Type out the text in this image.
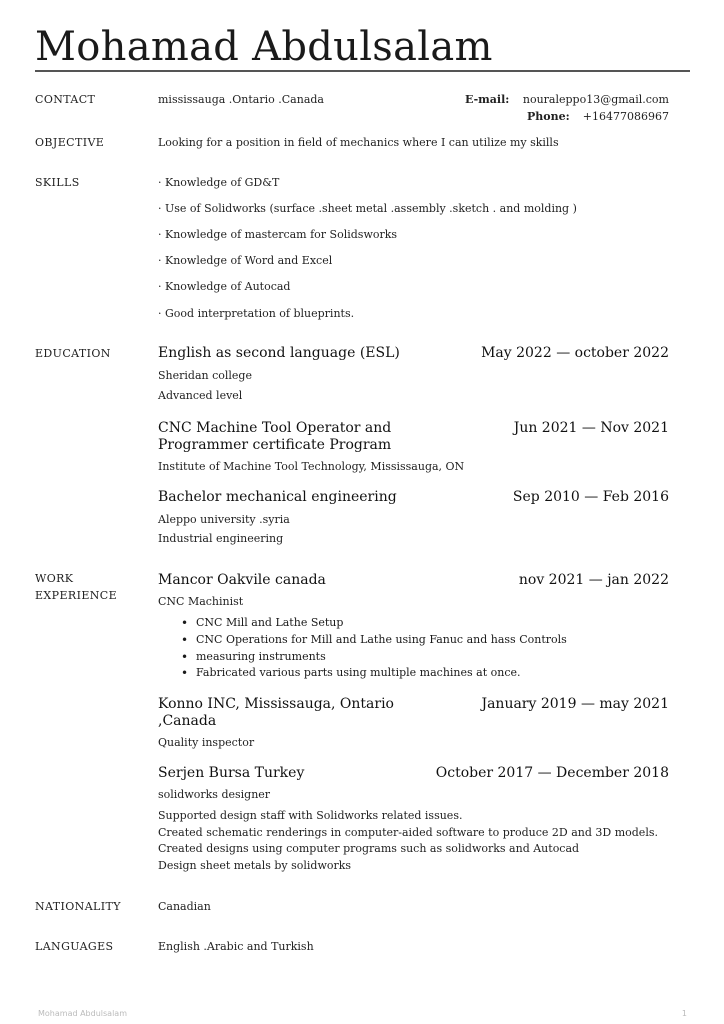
Mohamad Abdulsalam
CONTACT	mississauga .Ontario .Canada	E-mail: nouraleppo13@gmail.com
Phone: +16477086967
OBJECTIVE	Looking for a position in field of mechanics where I can utilize my skills
SKILLS	· Knowledge of GD&T
· Use of Solidworks (surface .sheet metal .assembly .sketch . and molding )
· Knowledge of mastercam for Solidsworks
· Knowledge of Word and Excel
· Knowledge of Autocad
· Good interpretation of blueprints.
EDUCATION	English as second language (ESL)	May 2022 — october 2022
Sheridan college
Advanced level
CNC Machine Tool Operator and
Programmer certificate Program
Jun 2021 — Nov 2021
Institute of Machine Tool Technology, Mississauga, ON
Bachelor mechanical engineering	Sep 2010 — Feb 2016
Aleppo university .syria
Industrial engineering
WORK
EXPERIENCE
Mancor Oakvile canada	nov 2021 — jan 2022
CNC Machinist
• CNC Mill and Lathe Setup
• CNC Operations for Mill and Lathe using Fanuc and hass Controls
• measuring instruments
• Fabricated various parts using multiple machines at once.
Konno INC, Mississauga, Ontario
,Canada
January 2019 — may 2021
Quality inspector
Serjen Bursa Turkey	October 2017 — December 2018
solidworks designer
Supported design staff with Solidworks related issues.
Created schematic renderings in computer-aided software to produce 2D and 3D models.
Created designs using computer programs such as solidworks and Autocad
Design sheet metals by solidworks
NATIONALITY	Canadian
LANGUAGES	English .Arabic and Turkish
Mohamad Abdulsalam	1
